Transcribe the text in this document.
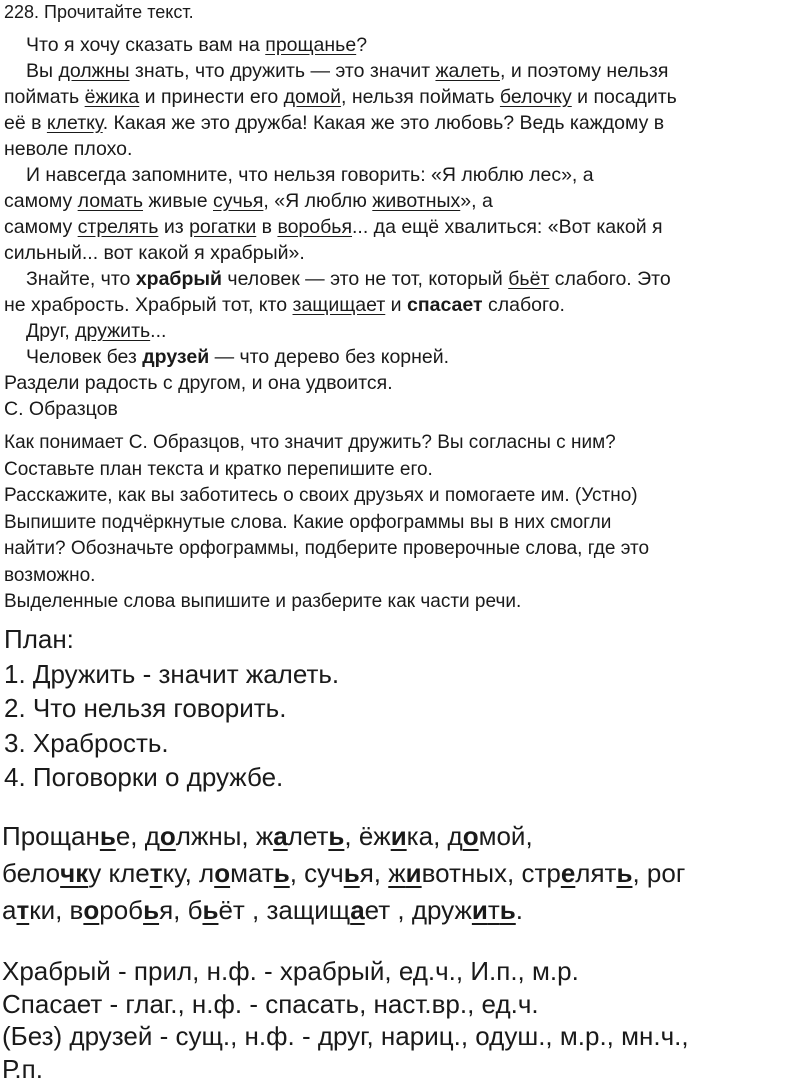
228. Прочитайте текст.
Что я хочу сказать вам на прощанье?
Вы должны знать, что дружить — это значит жалеть, и поэтому нельзя
поймать ёжика и принести его домой, нельзя поймать белочку и посадить
её в клетку. Какая же это дружба! Какая же это любовь? Ведь каждому в
неволе плохо.
И навсегда запомните, что нельзя говорить: «Я люблю лес», а
самому ломать живые сучья, «Я люблю животных», а
самому стрелять из рогатки в воробья... да ещё хвалиться: «Вот какой я
сильный... вот какой я храбрый».
Знайте, что храбрый человек — это не тот, который бьёт слабого. Это
не храбрость. Храбрый тот, кто защищает и спасает слабого.
Друг, дружить...
Человек без друзей — что дерево без корней.
Раздели радость с другом, и она удвоится.
С. Образцов
Как понимает С. Образцов, что значит дружить? Вы согласны с ним?
Составьте план текста и кратко перепишите его.
Расскажите, как вы заботитесь о своих друзьях и помогаете им. (Устно)
Выпишите подчёркнутые слова. Какие орфограммы вы в них смогли
найти? Обозначьте орфограммы, подберите проверочные слова, где это
возможно.
Выделенные слова выпишите и разберите как части речи.
План:
1. Дружить - значит жалеть.
2. Что нельзя говорить.
3. Храбрость.
4. Поговорки о дружбе.
Прощанье, должны, жалеть, ёжика, домой,
белочку клетку, ломать, сучья, животных, стрелять, рог
атки, воробья, бьёт , защищает , дружить.
Храбрый - прил, н.ф. - храбрый, ед.ч., И.п., м.р.
Спасает - глаг., н.ф. - спасать, наст.вр., ед.ч.
(Без) друзей - сущ., н.ф. - друг, нариц., одуш., м.р., мн.ч.,
Р.п.
